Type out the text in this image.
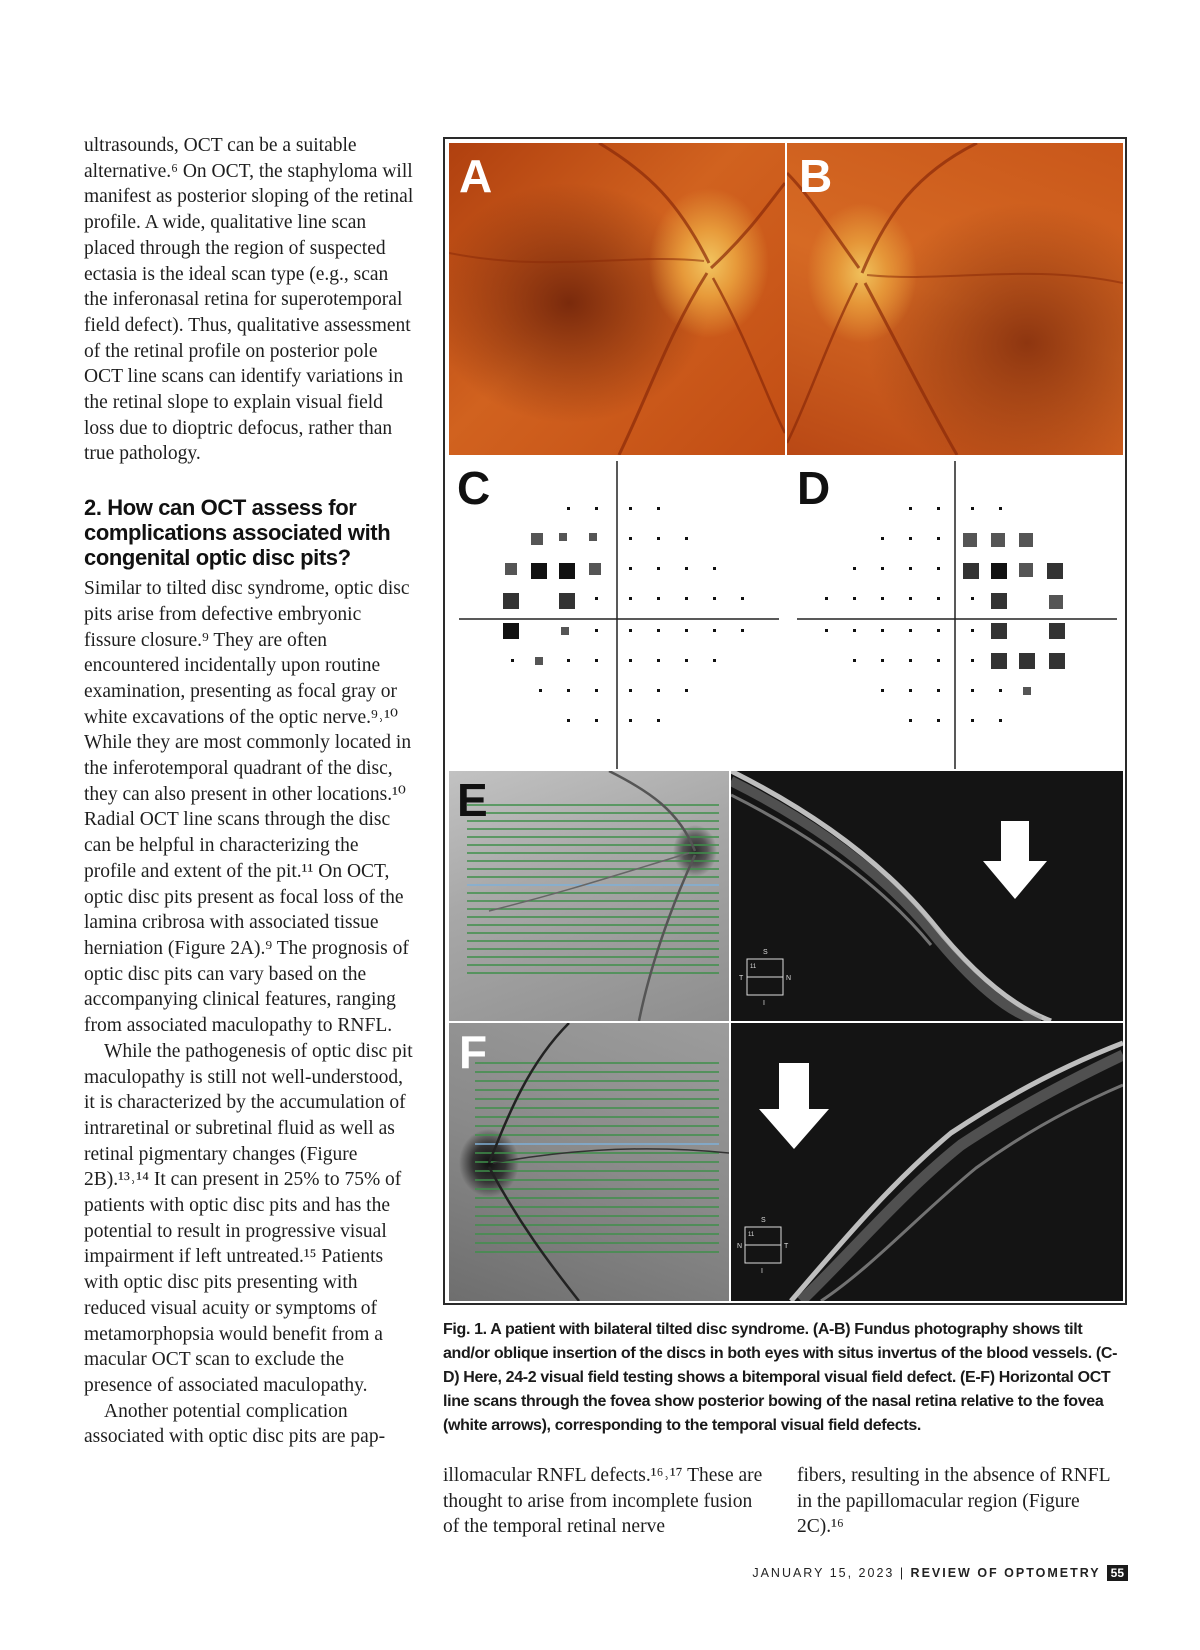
ultrasounds, OCT can be a suitable alternative.⁶ On OCT, the staphyloma will manifest as posterior sloping of the retinal profile. A wide, qualitative line scan placed through the region of suspected ectasia is the ideal scan type (e.g., scan the inferonasal retina for superotemporal field defect). Thus, qualitative assessment of the retinal profile on posterior pole OCT line scans can identify variations in the retinal slope to explain visual field loss due to dioptric defocus, rather than true pathology.

2. How can OCT assess for complications associated with congenital optic disc pits?

Similar to tilted disc syndrome, optic disc pits arise from defective embryonic fissure closure.⁹ They are often encountered incidentally upon routine examination, presenting as focal gray or white excavations of the optic nerve.⁹˒¹⁰ While they are most commonly located in the inferotemporal quadrant of the disc, they can also present in other locations.¹⁰ Radial OCT line scans through the disc can be helpful in characterizing the profile and extent of the pit.¹¹ On OCT, optic disc pits present as focal loss of the lamina cribrosa with associated tissue herniation (Figure 2A).⁹ The prognosis of optic disc pits can vary based on the accompanying clinical features, ranging from associated maculopathy to RNFL.

While the pathogenesis of optic disc pit maculopathy is still not well-understood, it is characterized by the accumulation of intraretinal or subretinal fluid as well as retinal pigmentary changes (Figure 2B).¹³˒¹⁴ It can present in 25% to 75% of patients with optic disc pits and has the potential to result in progressive visual impairment if left untreated.¹⁵ Patients with optic disc pits presenting with reduced visual acuity or symptoms of metamorphopsia would benefit from a macular OCT scan to exclude the presence of associated maculopathy.

Another potential complication associated with optic disc pits are pap-

A	B
C	D
E
S
I
T	N
11
F
S
I
N	T
11
Fig. 1. A patient with bilateral tilted disc syndrome. (A-B) Fundus photography shows tilt and/or oblique insertion of the discs in both eyes with situs invertus of the blood vessels. (C-D) Here, 24-2 visual field testing shows a bitemporal visual field defect. (E-F) Horizontal OCT line scans through the fovea show posterior bowing of the nasal retina relative to the fovea (white arrows), corresponding to the temporal visual field defects.

illomacular RNFL defects.¹⁶˒¹⁷ These are thought to arise from incomplete fusion of the temporal retinal nerve

fibers, resulting in the absence of RNFL in the papillomacular region (Figure 2C).¹⁶

JANUARY 15, 2023 | REVIEW OF OPTOMETRY 55
